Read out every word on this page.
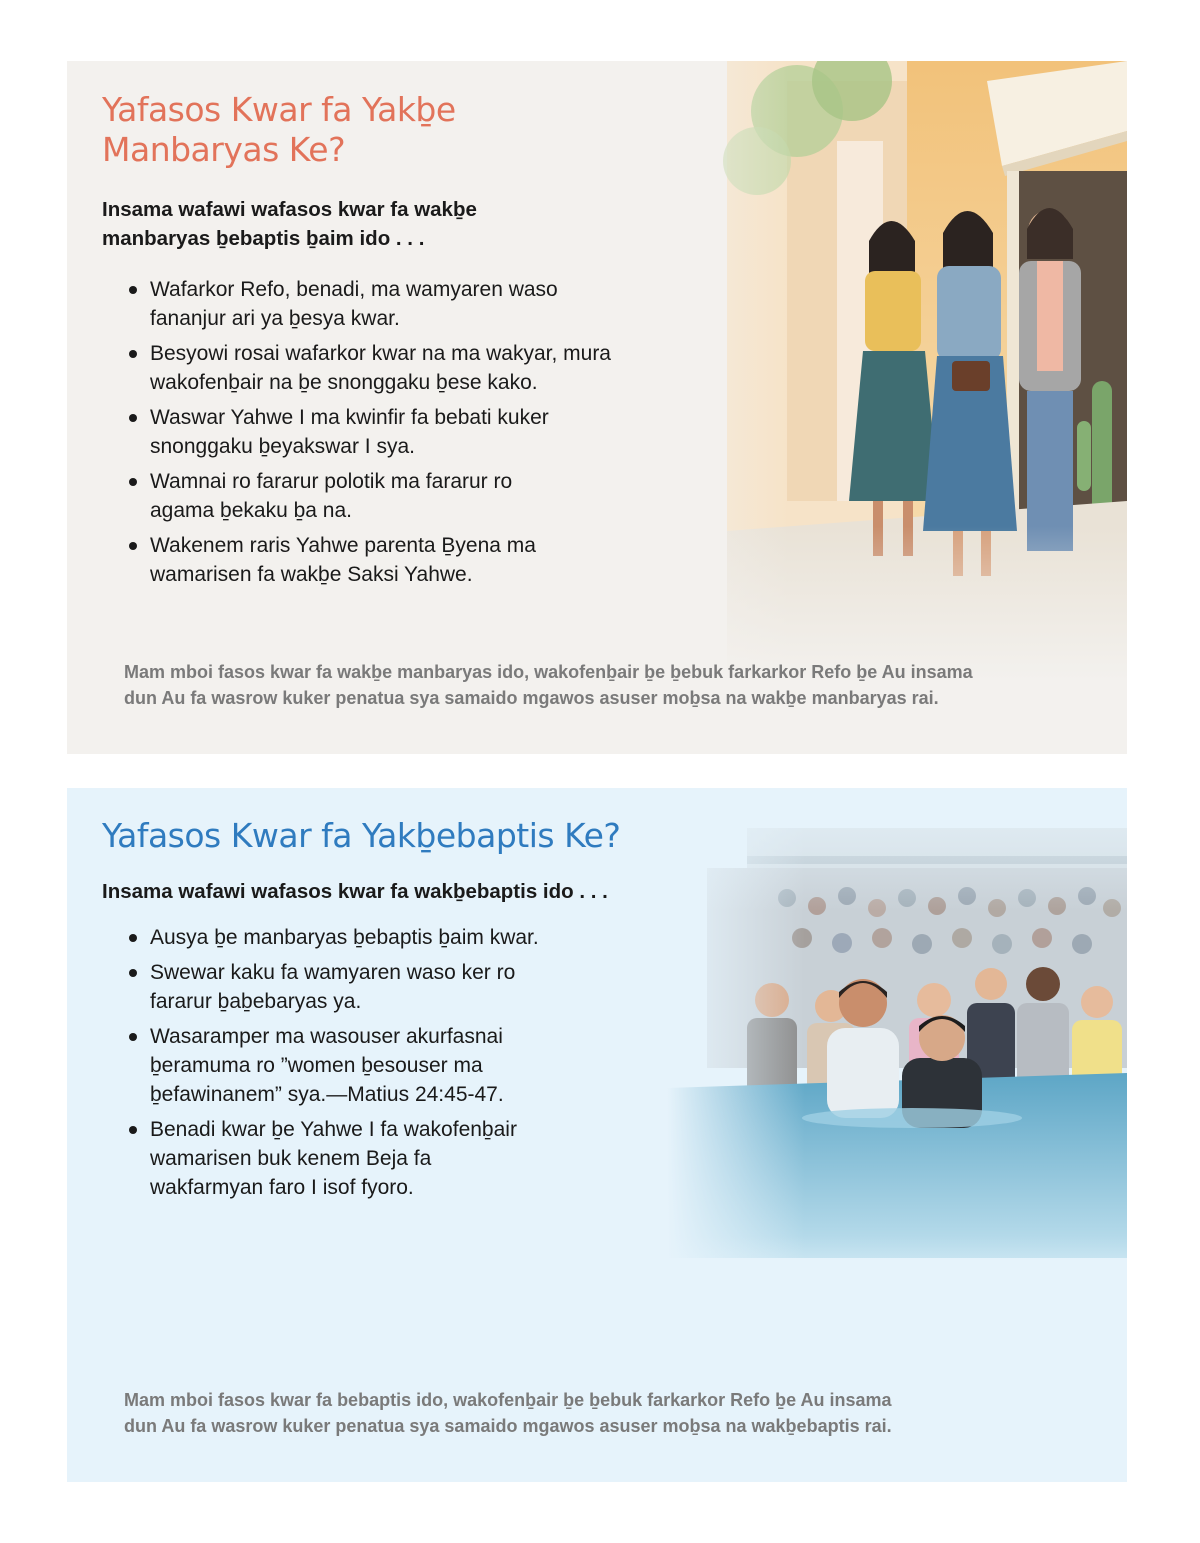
Yafasos Kwar fa Yakḇe
Manbaryas Ke?

Insama wafawi wafasos kwar fa wakḇe
manbaryas ḇebaptis ḇaim ido . . .

Wafarkor Refo, benadi, ma wamyaren waso
fananjur ari ya ḇesya kwar.
Besyowi rosai wafarkor kwar na ma wakyar, mura
wakofenḇair na ḇe snonggaku ḇese kako.
Waswar Yahwe I ma kwinfir fa bebati kuker
snonggaku ḇeyakswar I sya.
Wamnai ro fararur polotik ma fararur ro
agama ḇekaku ḇa na.
Wakenem raris Yahwe parenta Ḇyena ma
wamarisen fa wakḇe Saksi Yahwe.

Mam mboi fasos kwar fa wakḇe manbaryas ido, wakofenḇair ḇe ḇebuk farkarkor Refo ḇe Au insama
dun Au fa wasrow kuker penatua sya samaido mgawos asuser moḇsa na wakḇe manbaryas rai.

Yafasos Kwar fa Yakḇebaptis Ke?

Insama wafawi wafasos kwar fa wakḇebaptis ido . . .

Ausya ḇe manbaryas ḇebaptis ḇaim kwar.
Swewar kaku fa wamyaren waso ker ro
fararur ḇaḇebaryas ya.
Wasaramper ma wasouser akurfasnai
ḇeramuma ro ”women ḇesouser ma
ḇefawinanem” sya.—Matius 24:45-47.
Benadi kwar ḇe Yahwe I fa wakofenḇair
wamarisen buk kenem Beja fa
wakfarmyan faro I isof fyoro.

Mam mboi fasos kwar fa bebaptis ido, wakofenḇair ḇe ḇebuk farkarkor Refo ḇe Au insama
dun Au fa wasrow kuker penatua sya samaido mgawos asuser moḇsa na wakḇebaptis rai.
